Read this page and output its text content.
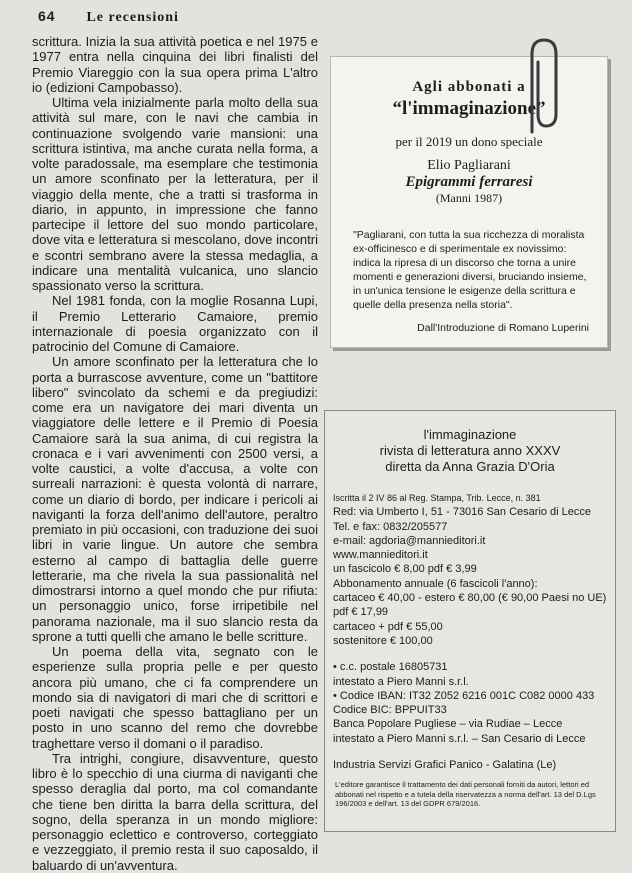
64 Le recensioni

scrittura. Inizia la sua attività poetica e nel 1975 e 1977 entra nella cinquina dei libri finalisti del Premio Viareggio con la sua opera prima L'altro io (edizioni Campobasso).

Ultima vela inizialmente parla molto della sua attività sul mare, con le navi che cambia in continuazione svolgendo varie mansioni: una scrittura istintiva, ma anche curata nella forma, a volte paradossale, ma esemplare che testimonia un amore sconfinato per la letteratura, per il viaggio della mente, che a tratti si trasforma in diario, in appunto, in impressione che fanno partecipe il lettore del suo mondo particolare, dove vita e letteratura si mescolano, dove incontri e scontri sembrano avere la stessa medaglia, a indicare una mentalità vulcanica, uno slancio spassionato verso la scrittura.

Nel 1981 fonda, con la moglie Rosanna Lupi, il Premio Letterario Camaiore, premio internazionale di poesia organizzato con il patrocinio del Comune di Camaiore.

Un amore sconfinato per la letteratura che lo porta a burrascose avventure, come un "battitore libero" svincolato da schemi e da pregiudizi: come era un navigatore dei mari diventa un viaggiatore delle lettere e il Premio di Poesia Camaiore sarà la sua anima, di cui registra la cronaca e i vari avvenimenti con 2500 versi, a volte caustici, a volte d'accusa, a volte con surreali narrazioni: è questa volontà di narrare, come un diario di bordo, per indicare i pericoli ai naviganti la forza dell'animo dell'autore, peraltro premiato in più occasioni, con traduzione dei suoi libri in varie lingue. Un autore che sembra esterno al campo di battaglia delle guerre letterarie, ma che rivela la sua passionalità nel dimostrarsi intorno a quel mondo che pur rifiuta: un personaggio unico, forse irripetibile nel panorama nazionale, ma il suo slancio resta da sprone a tutti quelli che amano le belle scritture.

Un poema della vita, segnato con le esperienze sulla propria pelle e per questo ancora più umano, che ci fa comprendere un mondo sia di navigatori di mari che di scrittori e poeti navigati che spesso battagliano per un posto in uno scanno del remo che dovrebbe traghettare verso il domani o il paradiso.

Tra intrighi, congiure, disavventure, questo libro è lo specchio di una ciurma di naviganti che spesso deraglia dal porto, ma col comandante che tiene ben diritta la barra della scrittura, del sogno, della speranza in un mondo migliore: personaggio eclettico e controverso, corteggiato e vezzeggiato, il premio resta il suo caposaldo, il baluardo di un'avventura.

Agli abbonati a
“l'immaginazione”
per il 2019 un dono speciale
Elio Pagliarani
Epigrammi ferraresi
(Manni 1987)
"Pagliarani, con tutta la sua ricchezza di moralista ex-officinesco e di sperimentale ex novissimo: indica la ripresa di un discorso che torna a unire momenti e generazioni diversi, bruciando insieme, in un'unica tensione le esigenze della scrittura e quelle della presenza nella storia".
Dall'Introduzione di Romano Luperini
l'immaginazione
rivista di letteratura anno XXXV
diretta da Anna Grazia D'Oria
Iscritta il 2 IV 86 al Reg. Stampa, Trib. Lecce, n. 381
Red: via Umberto I, 51 - 73016 San Cesario di Lecce
Tel. e fax: 0832/205577
e-mail: agdoria@mannieditori.it
www.mannieditori.it
un fascicolo € 8,00 pdf € 3,99
Abbonamento annuale (6 fascicoli l'anno):
cartaceo € 40,00 - estero € 80,00 (€ 90,00 Paesi no UE)
pdf € 17,99
cartaceo + pdf € 55,00
sostenitore € 100,00
• c.c. postale 16805731
intestato a Piero Manni s.r.l.
• Codice IBAN: IT32 Z052 6216 001C C082 0000 433
Codice BIC: BPPUIT33
Banca Popolare Pugliese – via Rudiae – Lecce
intestato a Piero Manni s.r.l. – San Cesario di Lecce
Industria Servizi Grafici Panico - Galatina (Le)
L'editore garantisce il trattamento dei dati personali forniti da autori, lettori ed abbonati nel rispetto e a tutela della riservatezza a norma dell'art. 13 del D.Lgs 196/2003 e dell'art. 13 del GDPR 679/2016.
